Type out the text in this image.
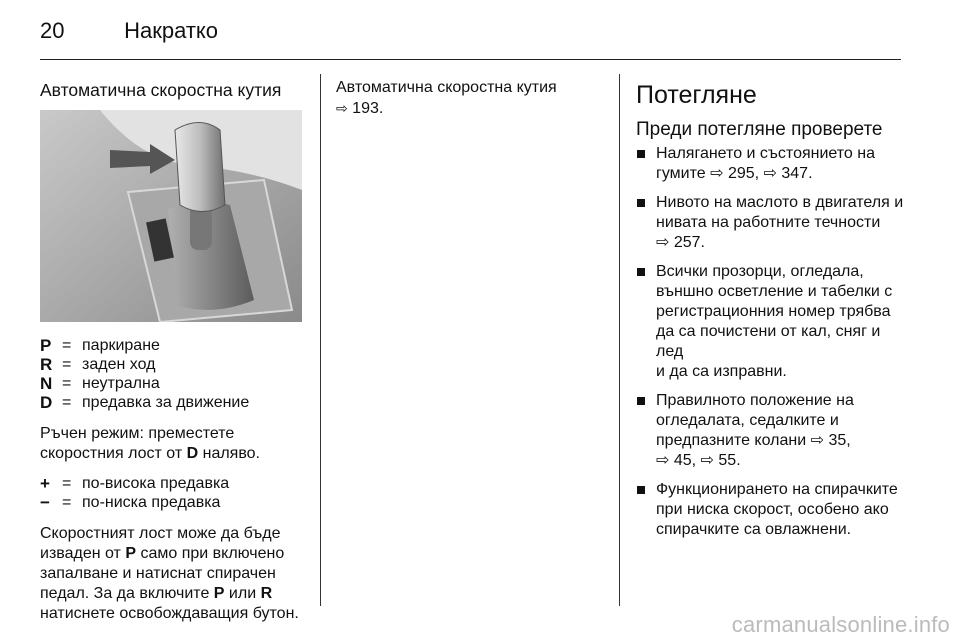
20	Накратко
Автоматична скоростна кутия
P = паркиране
R = заден ход
N = неутрална
D = предавка за движение
Ръчен режим: преместете
скоростния лост от D наляво.
+ = по-висока предавка
− = по-ниска предавка
Скоростният лост може да бъде
изваден от P само при включено
запалване и натиснат спирачен
педал. За да включите P или R
натиснете освобождаващия бутон.
Автоматична скоростна кутия
⇨ 193.	Потегляне
Преди потегляне проверете
Налягането и състоянието на
гумите ⇨ 295, ⇨ 347.
Нивото на маслото в двигателя и
нивата на работните течности
⇨ 257.
Всички прозорци, огледала,
външно осветление и табелки с
регистрационния номер трябва
да са почистени от кал, сняг и лед
и да са изправни.
Правилното положение на
огледалата, седалките и
предпазните колани ⇨ 35,
⇨ 45, ⇨ 55.
Функционирането на спирачките
при ниска скорост, особено ако
спирачките са овлажнени.
carmanualsonline.info
